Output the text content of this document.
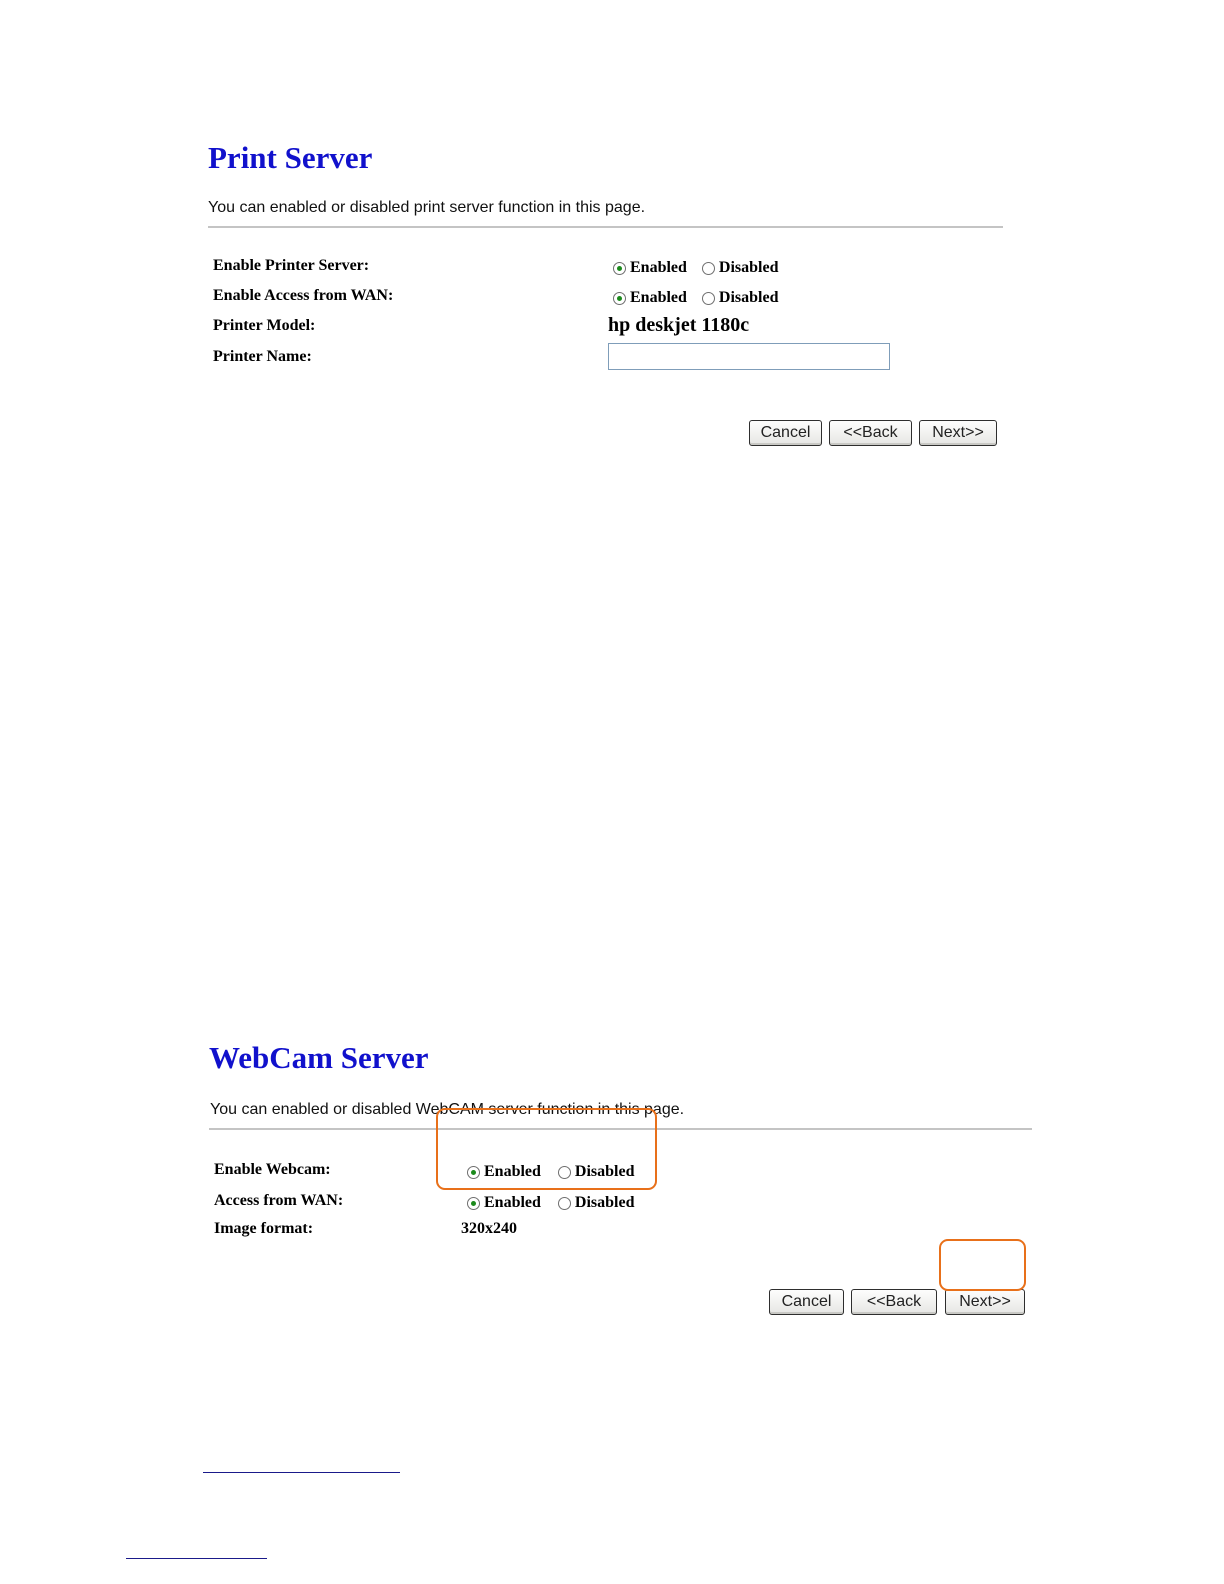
Print Server
You can enabled or disabled print server function in this page.
Enable Printer Server:	Enabled Disabled
Enable Access from WAN:	Enabled Disabled
Printer Model:	hp deskjet 1180c
Printer Name:
Cancel	<<Back	Next>>
WebCam Server
You can enabled or disabled WebCAM server function in this page.
Enable Webcam:	Enabled Disabled
Access from WAN:	Enabled Disabled
Image format:	320x240
Cancel	<<Back	Next>>
